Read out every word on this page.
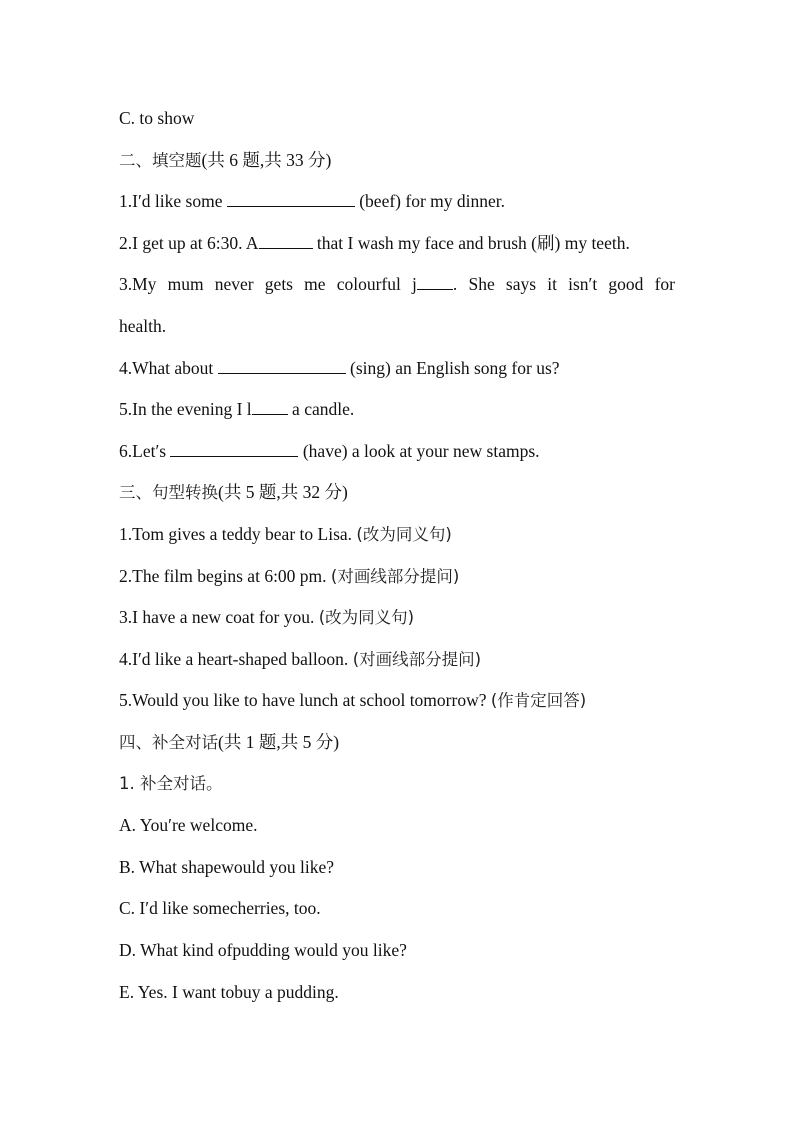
C. to show
二、填空题(共 6 题,共 33 分)
1.I′d like some	(beef) for my dinner.
2.I get up at 6:30. A	that I wash my face and brush (刷) my teeth.
3.My mum never gets me colourful j . She says it isn′t good for
health.
4.What about	(sing) an English song for us?
5.In the evening I l a candle.
6.Let′s	(have) a look at your new stamps.
三、句型转换(共 5 题,共 32 分)
1.Tom gives a teddy bear to Lisa. (改为同义句)
2.The film begins at 6:00 pm. (对画线部分提问)
3.I have a new coat for you. (改为同义句)
4.I′d like a heart-shaped balloon. (对画线部分提问)
5.Would you like to have lunch at school tomorrow? (作肯定回答)
四、补全对话(共 1 题,共 5 分)
1. 补全对话。
A. You′re welcome.
B. What shapewould you like?
C. I′d like somecherries, too.
D. What kind ofpudding would you like?
E. Yes. I want tobuy a pudding.
